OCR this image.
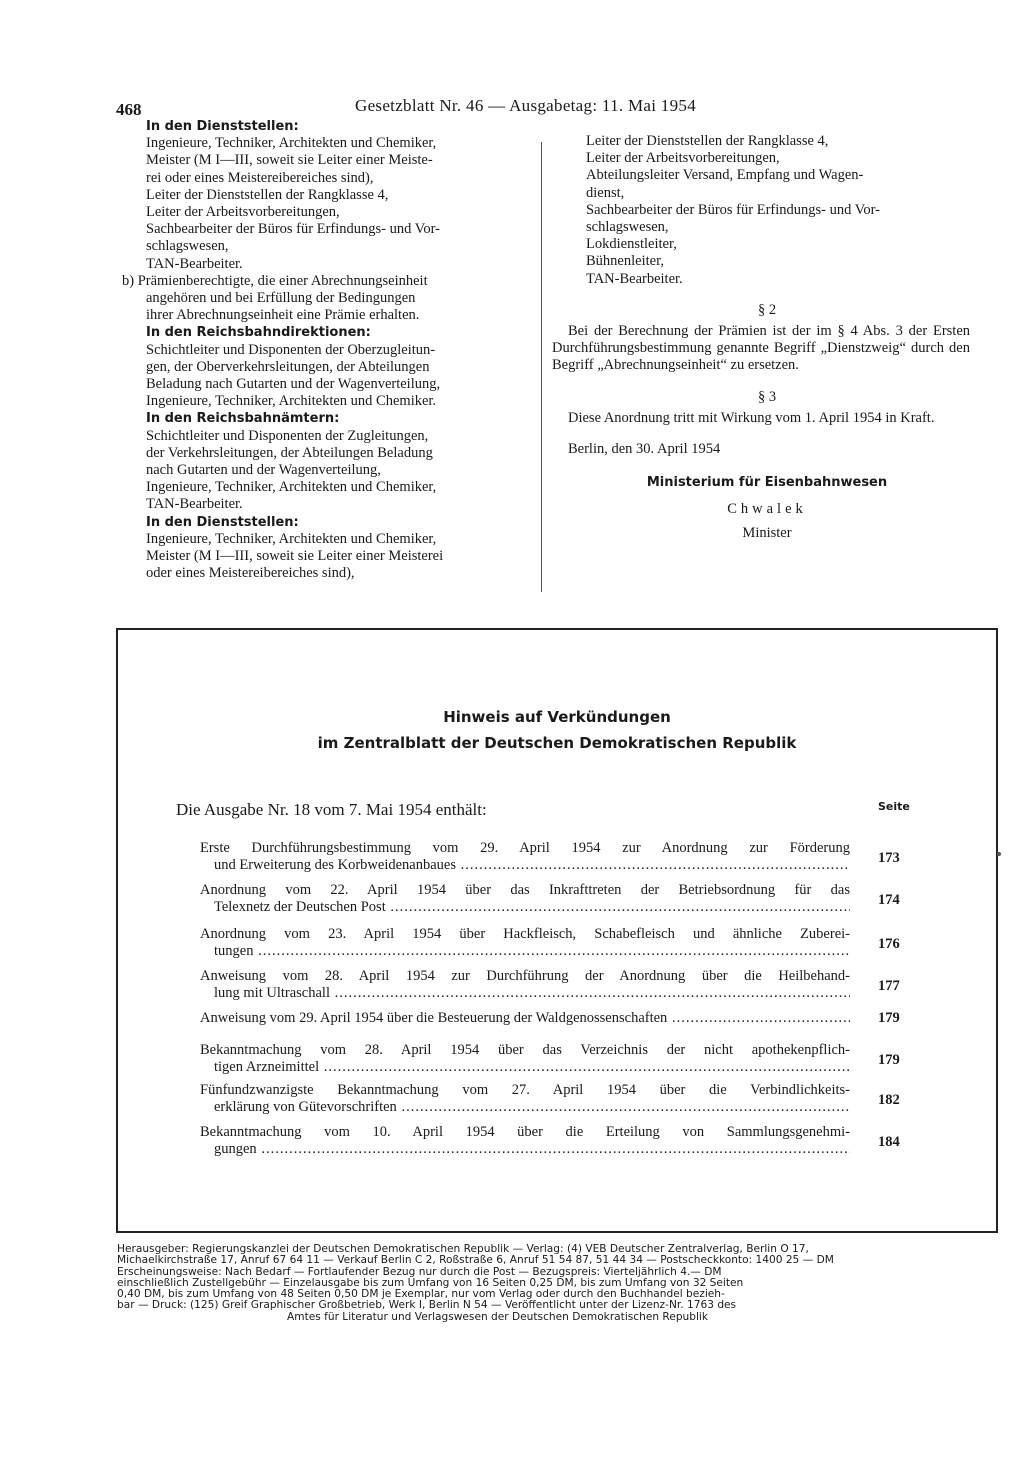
468	Gesetzblatt Nr. 46 — Ausgabetag: 11. Mai 1954
In den Dienststellen:
Ingenieure, Techniker, Architekten und Chemiker,
Meister (M I—III, soweit sie Leiter einer Meiste-
rei oder eines Meistereibereiches sind),
Leiter der Dienststellen der Rangklasse 4,
Leiter der Arbeitsvorbereitungen,
Sachbearbeiter der Büros für Erfindungs- und Vor-
schlagswesen,
TAN-Bearbeiter.
b) Prämienberechtigte, die einer Abrechnungseinheit
angehören und bei Erfüllung der Bedingungen
ihrer Abrechnungseinheit eine Prämie erhalten.
In den Reichsbahndirektionen:
Schichtleiter und Disponenten der Oberzugleitun-
gen, der Oberverkehrsleitungen, der Abteilungen
Beladung nach Gutarten und der Wagenverteilung,
Ingenieure, Techniker, Architekten und Chemiker.
In den Reichsbahnämtern:
Schichtleiter und Disponenten der Zugleitungen,
der Verkehrsleitungen, der Abteilungen Beladung
nach Gutarten und der Wagenverteilung,
Ingenieure, Techniker, Architekten und Chemiker,
TAN-Bearbeiter.
In den Dienststellen:
Ingenieure, Techniker, Architekten und Chemiker,
Meister (M I—III, soweit sie Leiter einer Meisterei
oder eines Meistereibereiches sind),
Leiter der Dienststellen der Rangklasse 4,
Leiter der Arbeitsvorbereitungen,
Abteilungsleiter Versand, Empfang und Wagen-
dienst,
Sachbearbeiter der Büros für Erfindungs- und Vor-
schlagswesen,
Lokdienstleiter,
Bühnenleiter,
TAN-Bearbeiter.
§ 2
Bei der Berechnung der Prämien ist der im § 4 Abs. 3 der Ersten Durchführungsbestimmung genannte Begriff „Dienstzweig“ durch den Begriff „Abrechnungseinheit“ zu ersetzen.
§ 3
Diese Anordnung tritt mit Wirkung vom 1. April 1954 in Kraft.
Berlin, den 30. April 1954
Ministerium für Eisenbahnwesen
Chwalek
Minister
Hinweis auf Verkündungen
im Zentralblatt der Deutschen Demokratischen Republik
Die Ausgabe Nr. 18 vom 7. Mai 1954 enthält:	Seite
Erste Durchführungsbestimmung vom 29. April 1954 zur Anordnung zur Förderung
und Erweiterung des Korbweidenanbaues .....	173
Anordnung vom 22. April 1954 über das Inkrafttreten der Betriebsordnung für das
Telexnetz der Deutschen Post .....	174
Anordnung vom 23. April 1954 über Hackfleisch, Schabefleisch und ähnliche Zuberei-
tungen .....	176
Anweisung vom 28. April 1954 zur Durchführung der Anordnung über die Heilbehand-
lung mit Ultraschall .....	177
Anweisung vom 29. April 1954 über die Besteuerung der Waldgenossenschaften .....	179
Bekanntmachung vom 28. April 1954 über das Verzeichnis der nicht apothekenpflich-
tigen Arzneimittel .....	179
Fünfundzwanzigste Bekanntmachung vom 27. April 1954 über die Verbindlichkeits-
erklärung von Gütevorschriften .....	182
Bekanntmachung vom 10. April 1954 über die Erteilung von Sammlungsgenehmi-
gungen .....	184
Herausgeber: Regierungskanzlei der Deutschen Demokratischen Republik — Verlag: (4) VEB Deutscher Zentralverlag, Berlin O 17,
Michaelkirchstraße 17, Anruf 67 64 11 — Verkauf Berlin C 2, Roßstraße 6, Anruf 51 54 87, 51 44 34 — Postscheckkonto: 1400 25 — DM
Erscheinungsweise: Nach Bedarf — Fortlaufender Bezug nur durch die Post — Bezugspreis: Vierteljährlich 4.— DM
einschließlich Zustellgebühr — Einzelausgabe bis zum Umfang von 16 Seiten 0,25 DM, bis zum Umfang von 32 Seiten
0,40 DM, bis zum Umfang von 48 Seiten 0,50 DM je Exemplar, nur vom Verlag oder durch den Buchhandel bezieh-
bar — Druck: (125) Greif Graphischer Großbetrieb, Werk I, Berlin N 54 — Veröffentlicht unter der Lizenz-Nr. 1763 des
Amtes für Literatur und Verlagswesen der Deutschen Demokratischen Republik
